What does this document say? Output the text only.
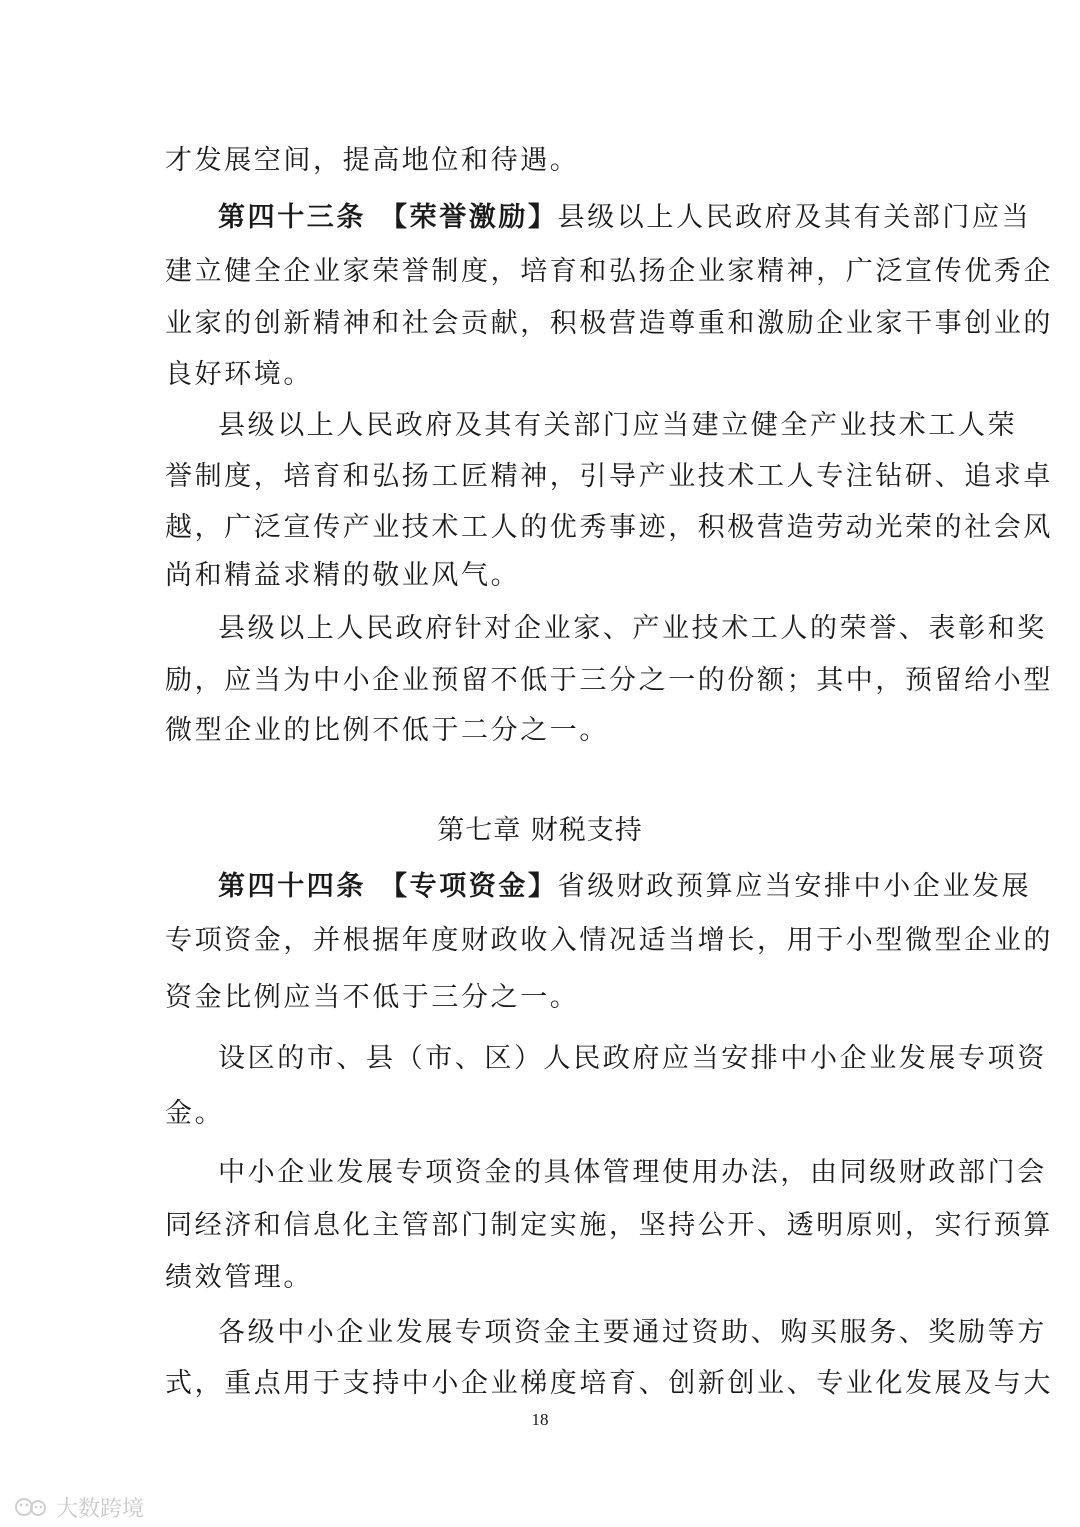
才发展空间，提高地位和待遇。
第四十三条 【荣誉激励】县级以上人民政府及其有关部门应当
建立健全企业家荣誉制度，培育和弘扬企业家精神，广泛宣传优秀企
业家的创新精神和社会贡献，积极营造尊重和激励企业家干事创业的
良好环境。
县级以上人民政府及其有关部门应当建立健全产业技术工人荣
誉制度，培育和弘扬工匠精神，引导产业技术工人专注钻研、追求卓
越，广泛宣传产业技术工人的优秀事迹，积极营造劳动光荣的社会风
尚和精益求精的敬业风气。
县级以上人民政府针对企业家、产业技术工人的荣誉、表彰和奖
励，应当为中小企业预留不低于三分之一的份额；其中，预留给小型
微型企业的比例不低于二分之一。
第七章 财税支持
第四十四条 【专项资金】省级财政预算应当安排中小企业发展
专项资金，并根据年度财政收入情况适当增长，用于小型微型企业的
资金比例应当不低于三分之一。
设区的市、县（市、区）人民政府应当安排中小企业发展专项资
金。
中小企业发展专项资金的具体管理使用办法，由同级财政部门会
同经济和信息化主管部门制定实施，坚持公开、透明原则，实行预算
绩效管理。
各级中小企业发展专项资金主要通过资助、购买服务、奖励等方
式，重点用于支持中小企业梯度培育、创新创业、专业化发展及与大
18
大数跨境
